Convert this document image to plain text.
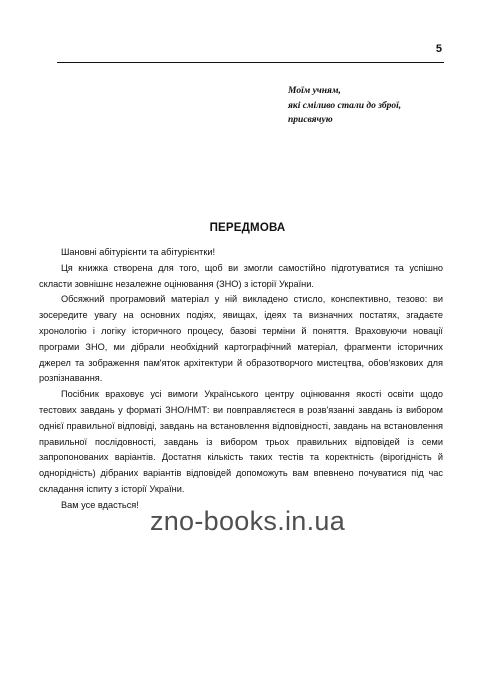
5
Моїм учням,
які сміливо стали до зброї,
присвячую
ПЕРЕДМОВА

Шановні абітурієнти та абітурієнтки!

Ця книжка створена для того, щоб ви змогли самостійно підготуватися та успішно скласти зовнішнє незалежне оцінювання (ЗНО) з історії України.

Обсяжний програмовий матеріал у ній викладено стисло, конспективно, тезово: ви зосередите увагу на основних подіях, явищах, ідеях та визначних постатях, згадаєте хронологію і логіку історичного процесу, базові терміни й поняття. Враховуючи новації програми ЗНО, ми дібрали необхідний картографічний матеріал, фрагменти історичних джерел та зображення пам'яток архітектури й образотворчого мистецтва, обов'язкових для розпізнавання.

Посібник враховує усі вимоги Українського центру оцінювання якості освіти щодо тестових завдань у форматі ЗНО/НМТ: ви повправляєтеся в розв'язанні завдань із вибором однієї правильної відповіді, завдань на встановлення відповідності, завдань на встановлення правильної послідовності, завдань із вибором трьох правильних відповідей із семи запропонованих варіантів. Достатня кількість таких тестів та коректність (вірогідність й однорідність) дібраних варіантів відповідей допоможуть вам впевнено почуватися під час складання іспиту з історії України.

Вам усе вдасться!

zno-books.in.ua
